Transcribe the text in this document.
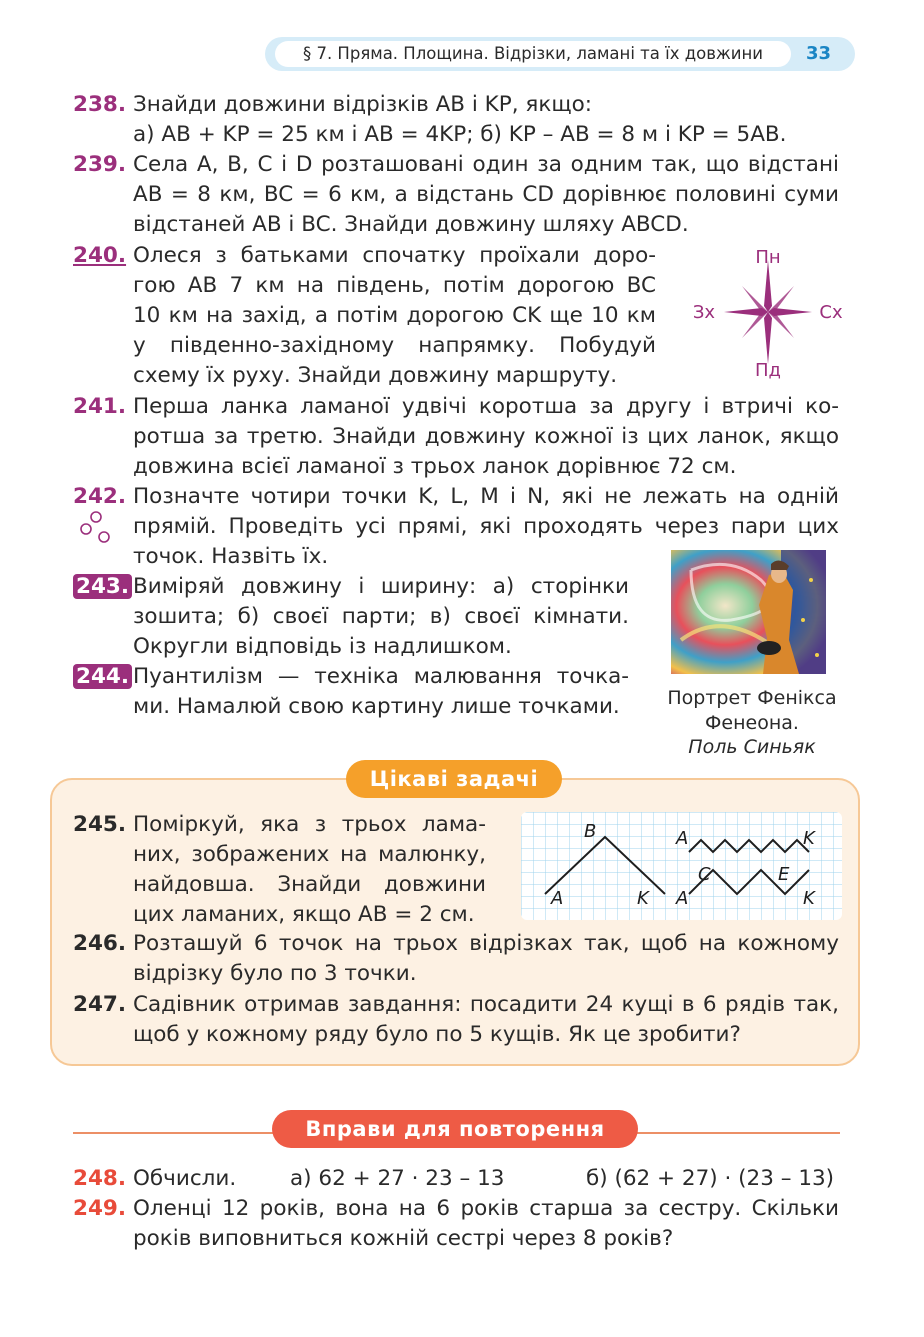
§ 7. Пряма. Площина. Відрізки, ламані та їх довжини	33
238. Знайди довжини відрізків AB і KP, якщо:
а) AB + KP = 25 км і AB = 4KP; б) KP – AB = 8 м і KP = 5AB.
239. Села A, B, C і D розташовані один за одним так, що відстані
AB = 8 км, BC = 6 км, а відстань CD дорівнює половині суми
відстаней AB і BC. Знайди довжину шляху ABCD.
240. Олеся з батьками спочатку проїхали доро-
гою AB 7 км на південь, потім дорогою BC
10 км на захід, а потім дорогою CK ще 10 км
у південно-західному напрямку. Побудуй
схему їх руху. Знайди довжину маршруту.
Пн
Пд
Зх	Сх
241. Перша ланка ламаної удвічі коротша за другу і втричі ко-
ротша за третю. Знайди довжину кожної із цих ланок, якщо
довжина всієї ламаної з трьох ланок дорівнює 72 см.
242. Позначте чотири точки K, L, M і N, які не лежать на одній
прямій. Проведіть усі прямі, які проходять через пари цих
точок. Назвіть їх.
Портрет Фенікса
Фенеона.
Поль Синьяк
243. Виміряй довжину і ширину: а) сторінки
зошита; б) своєї парти; в) своєї кімнати.
Округли відповідь із надлишком.
244. Пуантилізм — техніка малювання точка-
ми. Намалюй свою картину лише точками.
Цікаві задачі
245. Поміркуй, яка з трьох лама-
них, зображених на малюнку,
найдовша. Знайди довжини
цих ламаних, якщо AB = 2 см.
B
A	K
A	K
C	E
A	K
246. Розташуй 6 точок на трьох відрізках так, щоб на кожному
відрізку було по 3 точки.
247. Садівник отримав завдання: посадити 24 кущі в 6 рядів так,
щоб у кожному ряду було по 5 кущів. Як це зробити?
Вправи для повторення
248. Обчисли.	а) 62 + 27 · 23 – 13	б) (62 + 27) · (23 – 13)
249. Оленці 12 років, вона на 6 років старша за сестру. Скільки
років виповниться кожній сестрі через 8 років?
